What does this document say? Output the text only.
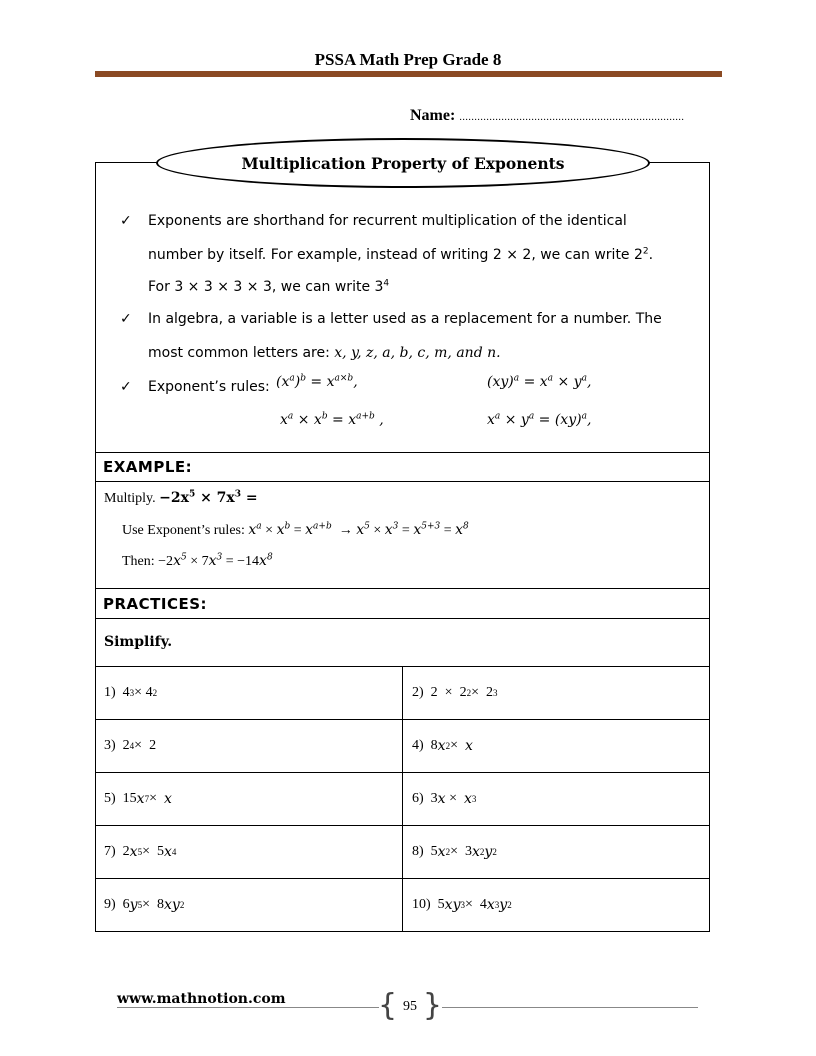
PSSA Math Prep Grade 8
Name: ...........................................................................
Multiplication Property of Exponents
✓ Exponents are shorthand for recurrent multiplication of the identical
number by itself. For example, instead of writing 2 × 2, we can write $2^2$.
For 3 × 3 × 3 × 3, we can write $3^4$
✓ In algebra, a variable is a letter used as a replacement for a number. The
most common letters are: x, y, z, a, b, c, m, and n.
✓ Exponent’s rules: $(x^a)^b = x^{a\times b}$,	$(xy)^a = x^a \times y^a$,
$x^a \times x^b = x^{a+b}$ ,	$x^a \times y^a = (xy)^a$,
EXAMPLE:
Multiply. $-2x^5 \times 7x^3$ =
Use Exponent’s rules: $x^a \times x^b = x^{a+b} \to x^5 \times x^3 = x^{5+3} = x^8$
Then: $-2x^5 \times 7x^3 = -14x^8$
PRACTICES:
Simplify.
1) 4 3 × 4 2	2) 2  ×  2 2 ×  2 3
3) 2 4 ×  2	4) 8 x 2 × x
5) 15 x 7 × x	6) 3 x × x 3
7) 2 x 5 ×  5 x 4	8) 5 x 2 ×  3 x 2 y 2
9) 6 y 5 ×  8 xy 2	10) 5 xy 3 ×  4 x 3 y 2
www.mathnotion.com	{ 95 }
